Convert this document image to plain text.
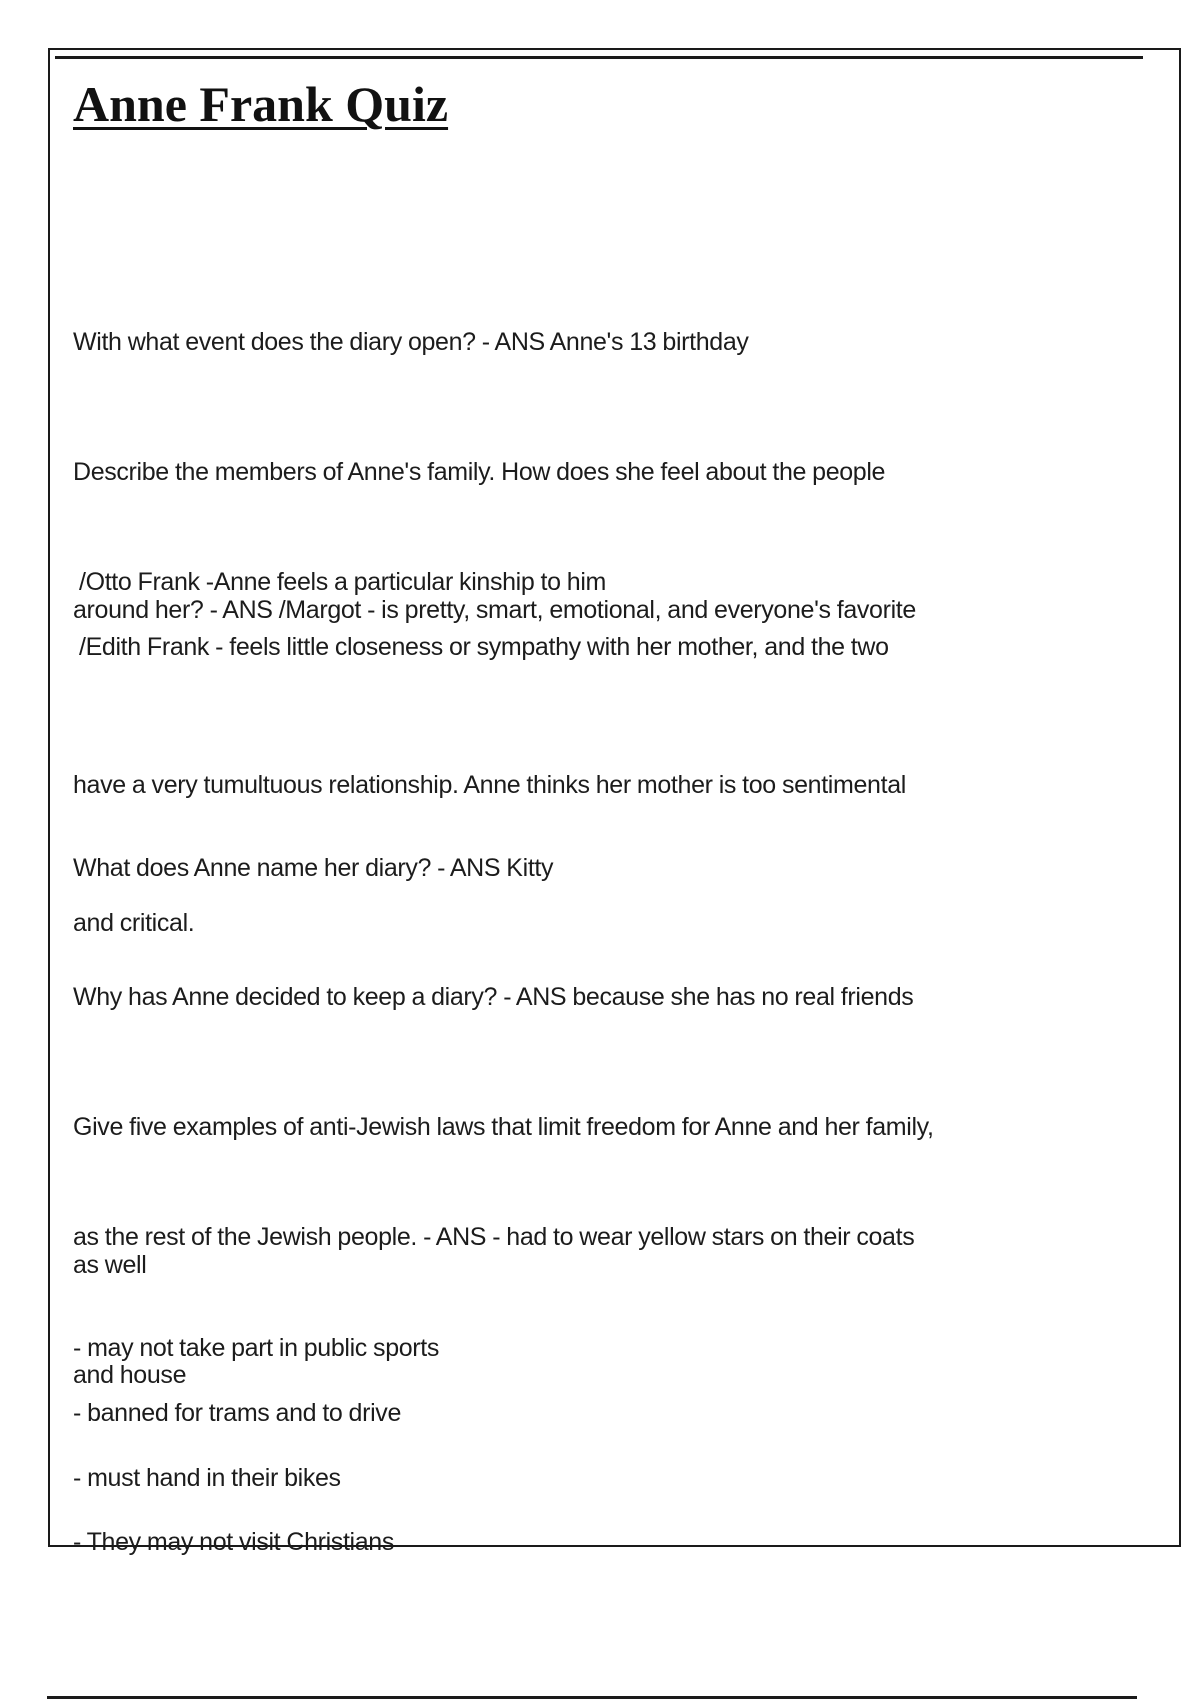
Anne Frank Quiz

With what event does the diary open? - ANS Anne's 13 birthday

Describe the members of Anne's family. How does she feel about the people

around her? - ANS /Margot - is pretty, smart, emotional, and everyone's favorite

/Otto Frank -Anne feels a particular kinship to him

/Edith Frank - feels little closeness or sympathy with her mother, and the two

have a very tumultuous relationship. Anne thinks her mother is too sentimental

and critical.

What does Anne name her diary? - ANS Kitty

Why has Anne decided to keep a diary? - ANS because she has no real friends

Give five examples of anti-Jewish laws that limit freedom for Anne and her family,

as well

as the rest of the Jewish people. - ANS - had to wear yellow stars on their coats

and house

- may not take part in public sports

- banned for trams and to drive

- must hand in their bikes

- They may not visit Christians
